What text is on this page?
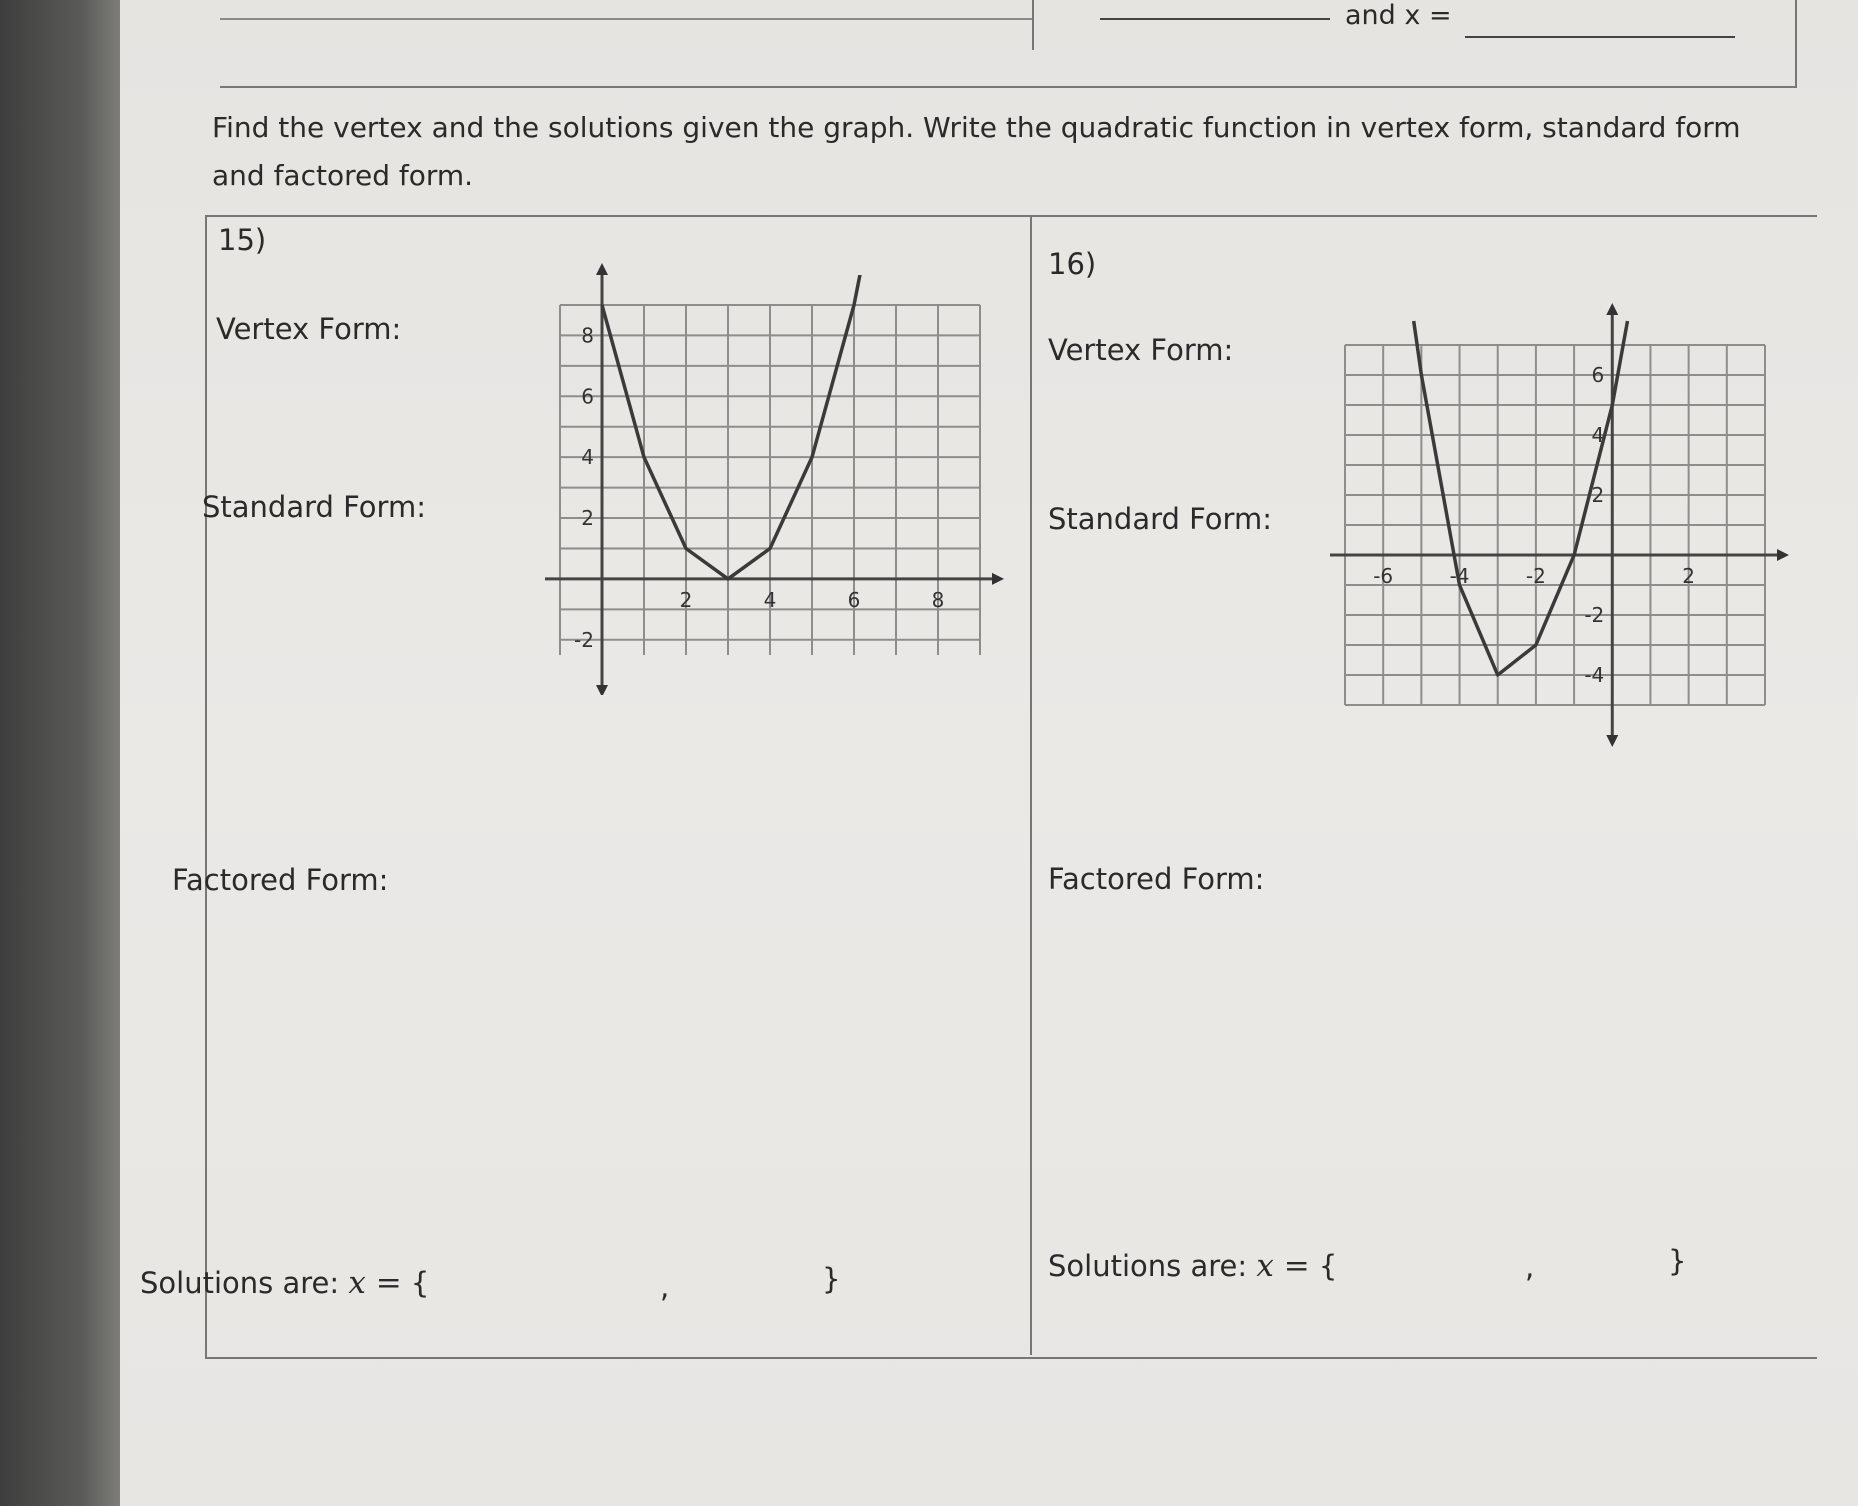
and x =
Find the vertex and the solutions given the graph. Write the quadratic function in vertex form, standard form and factored form.
15)
Vertex Form:
Standard Form:
Factored Form:
Solutions are: x = {	,	}
16)
Vertex Form:
Standard Form:
Factored Form:
Solutions are: x = {	,	}
2	4	6	8
8
6
4
2
-2
-6	-4	-2	2
6
4
2
-2
-4
